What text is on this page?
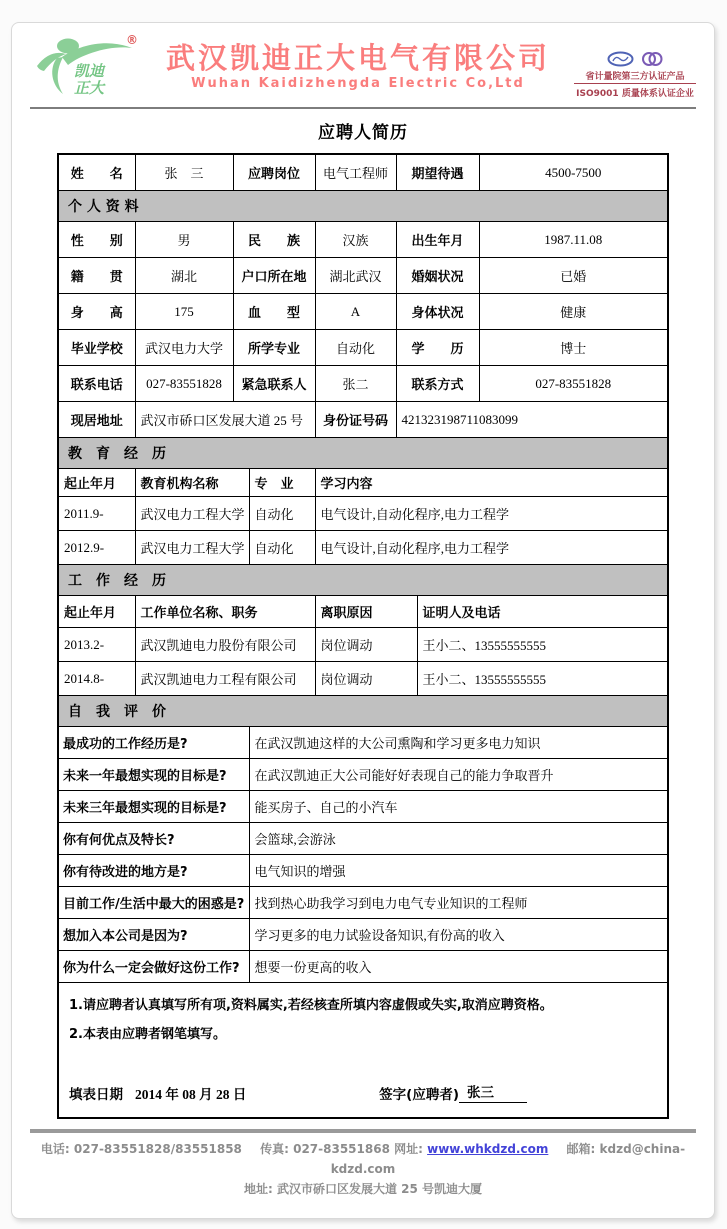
凯迪
正大
®
武汉凯迪正大电气有限公司
Wuhan Kaidizhengda Electric Co,Ltd	省计量院第三方认证产品
ISO9001 质量体系认证企业
应聘人简历
姓　　名	张　三	应聘岗位	电气工程师	期望待遇	4500-7500
个 人 资 料
性　　别	男	民　　族	汉族	出生年月	1987.11.08
籍　　贯	湖北	户口所在地	湖北武汉	婚姻状况	已婚
身　　高	175	血　　型	A	身体状况	健康
毕业学校	武汉电力大学	所学专业	自动化	学　　历	博士
联系电话	027-83551828	紧急联系人	张二	联系方式	027-83551828
现居地址	武汉市硚口区发展大道 25 号		身份证号码	421323198711083099	
教　育　经　历
起止年月	教育机构名称	专　业	学习内容
2011.9-	武汉电力工程大学	自动化	电气设计,自动化程序,电力工程学
2012.9-	武汉电力工程大学	自动化	电气设计,自动化程序,电力工程学
工　作　经　历
起止年月	工作单位名称、职务	离职原因	证明人及电话
2013.2-	武汉凯迪电力股份有限公司	岗位调动	王小二、13555555555
2014.8-	武汉凯迪电力工程有限公司	岗位调动	王小二、13555555555
自　我　评　价
最成功的工作经历是?	在武汉凯迪这样的大公司熏陶和学习更多电力知识
未来一年最想实现的目标是?	在武汉凯迪正大公司能好好表现自己的能力争取晋升
未来三年最想实现的目标是?	能买房子、自己的小汽车
你有何优点及特长?	会篮球,会游泳
你有待改进的地方是?	电气知识的增强
目前工作/生活中最大的困惑是?	找到热心助我学习到电力电气专业知识的工程师
想加入本公司是因为?	学习更多的电力试验设备知识,有份高的收入
你为什么一定会做好这份工作?	想要一份更高的收入
1.请应聘者认真填写所有项,资料属实,若经核查所填内容虚假或失实,取消应聘资格。
2.本表由应聘者钢笔填写。
填表日期 2014 年 08 月 28 日	签字(应聘者) 张三
电话: 027-83551828/83551858 传真: 027-83551868 网址: www.whkdzd.com 邮箱: kdzd@china-kdzd.com
地址: 武汉市硚口区发展大道 25 号凯迪大厦
